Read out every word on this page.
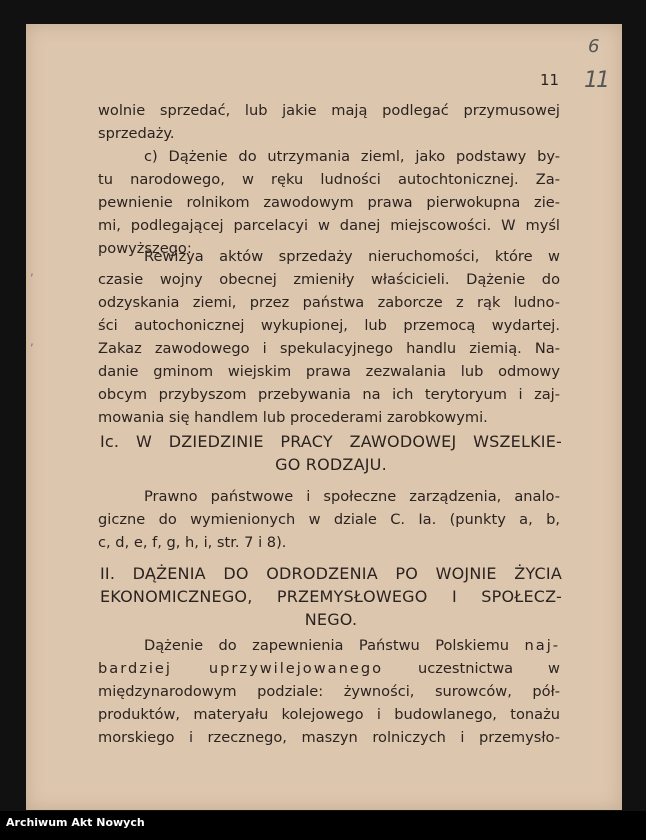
6
11
,
,
11
wolnie sprzedać, lub jakie mają podlegać przymusowej
sprzedaży.
c) Dążenie do utrzymania zieml, jako podstawy by-
tu narodowego, w ręku ludności autochtonicznej. Za-
pewnienie rolnikom zawodowym prawa pierwokupna zie-
mi, podlegającej parcelacyi w danej miejscowości. W myśl
powyższego:
Rewizya aktów sprzedaży nieruchomości, które w
czasie wojny obecnej zmieniły właścicieli. Dążenie do
odzyskania ziemi, przez państwa zaborcze z rąk ludno-
ści autochonicznej wykupionej, lub przemocą wydartej.
Zakaz zawodowego i spekulacyjnego handlu ziemią. Na-
danie gminom wiejskim prawa zezwalania lub odmowy
obcym przybyszom przebywania na ich terytoryum i zaj-
mowania się handlem lub procederami zarobkowymi.
Ic. W DZIEDZINIE PRACY ZAWODOWEJ WSZELKIE-
GO RODZAJU.
Prawno państwowe i społeczne zarządzenia, analo-
giczne do wymienionych w dziale C. Ia. (punkty a, b,
c, d, e, f, g, h, i, str. 7 i 8).
II. DĄŻENIA DO ODRODZENIA PO WOJNIE ŻYCIA
EKONOMICZNEGO, PRZEMYSŁOWEGO I SPOŁECZ-
NEGO.
Dążenie do zapewnienia Państwu Polskiemu naj-
bardziej uprzywilejowanego uczestnictwa w
międzynarodowym podziale: żywności, surowców, pół-
produktów, materyału kolejowego i budowlanego, tonażu
morskiego i rzecznego, maszyn rolniczych i przemysło-
Archiwum Akt Nowych
